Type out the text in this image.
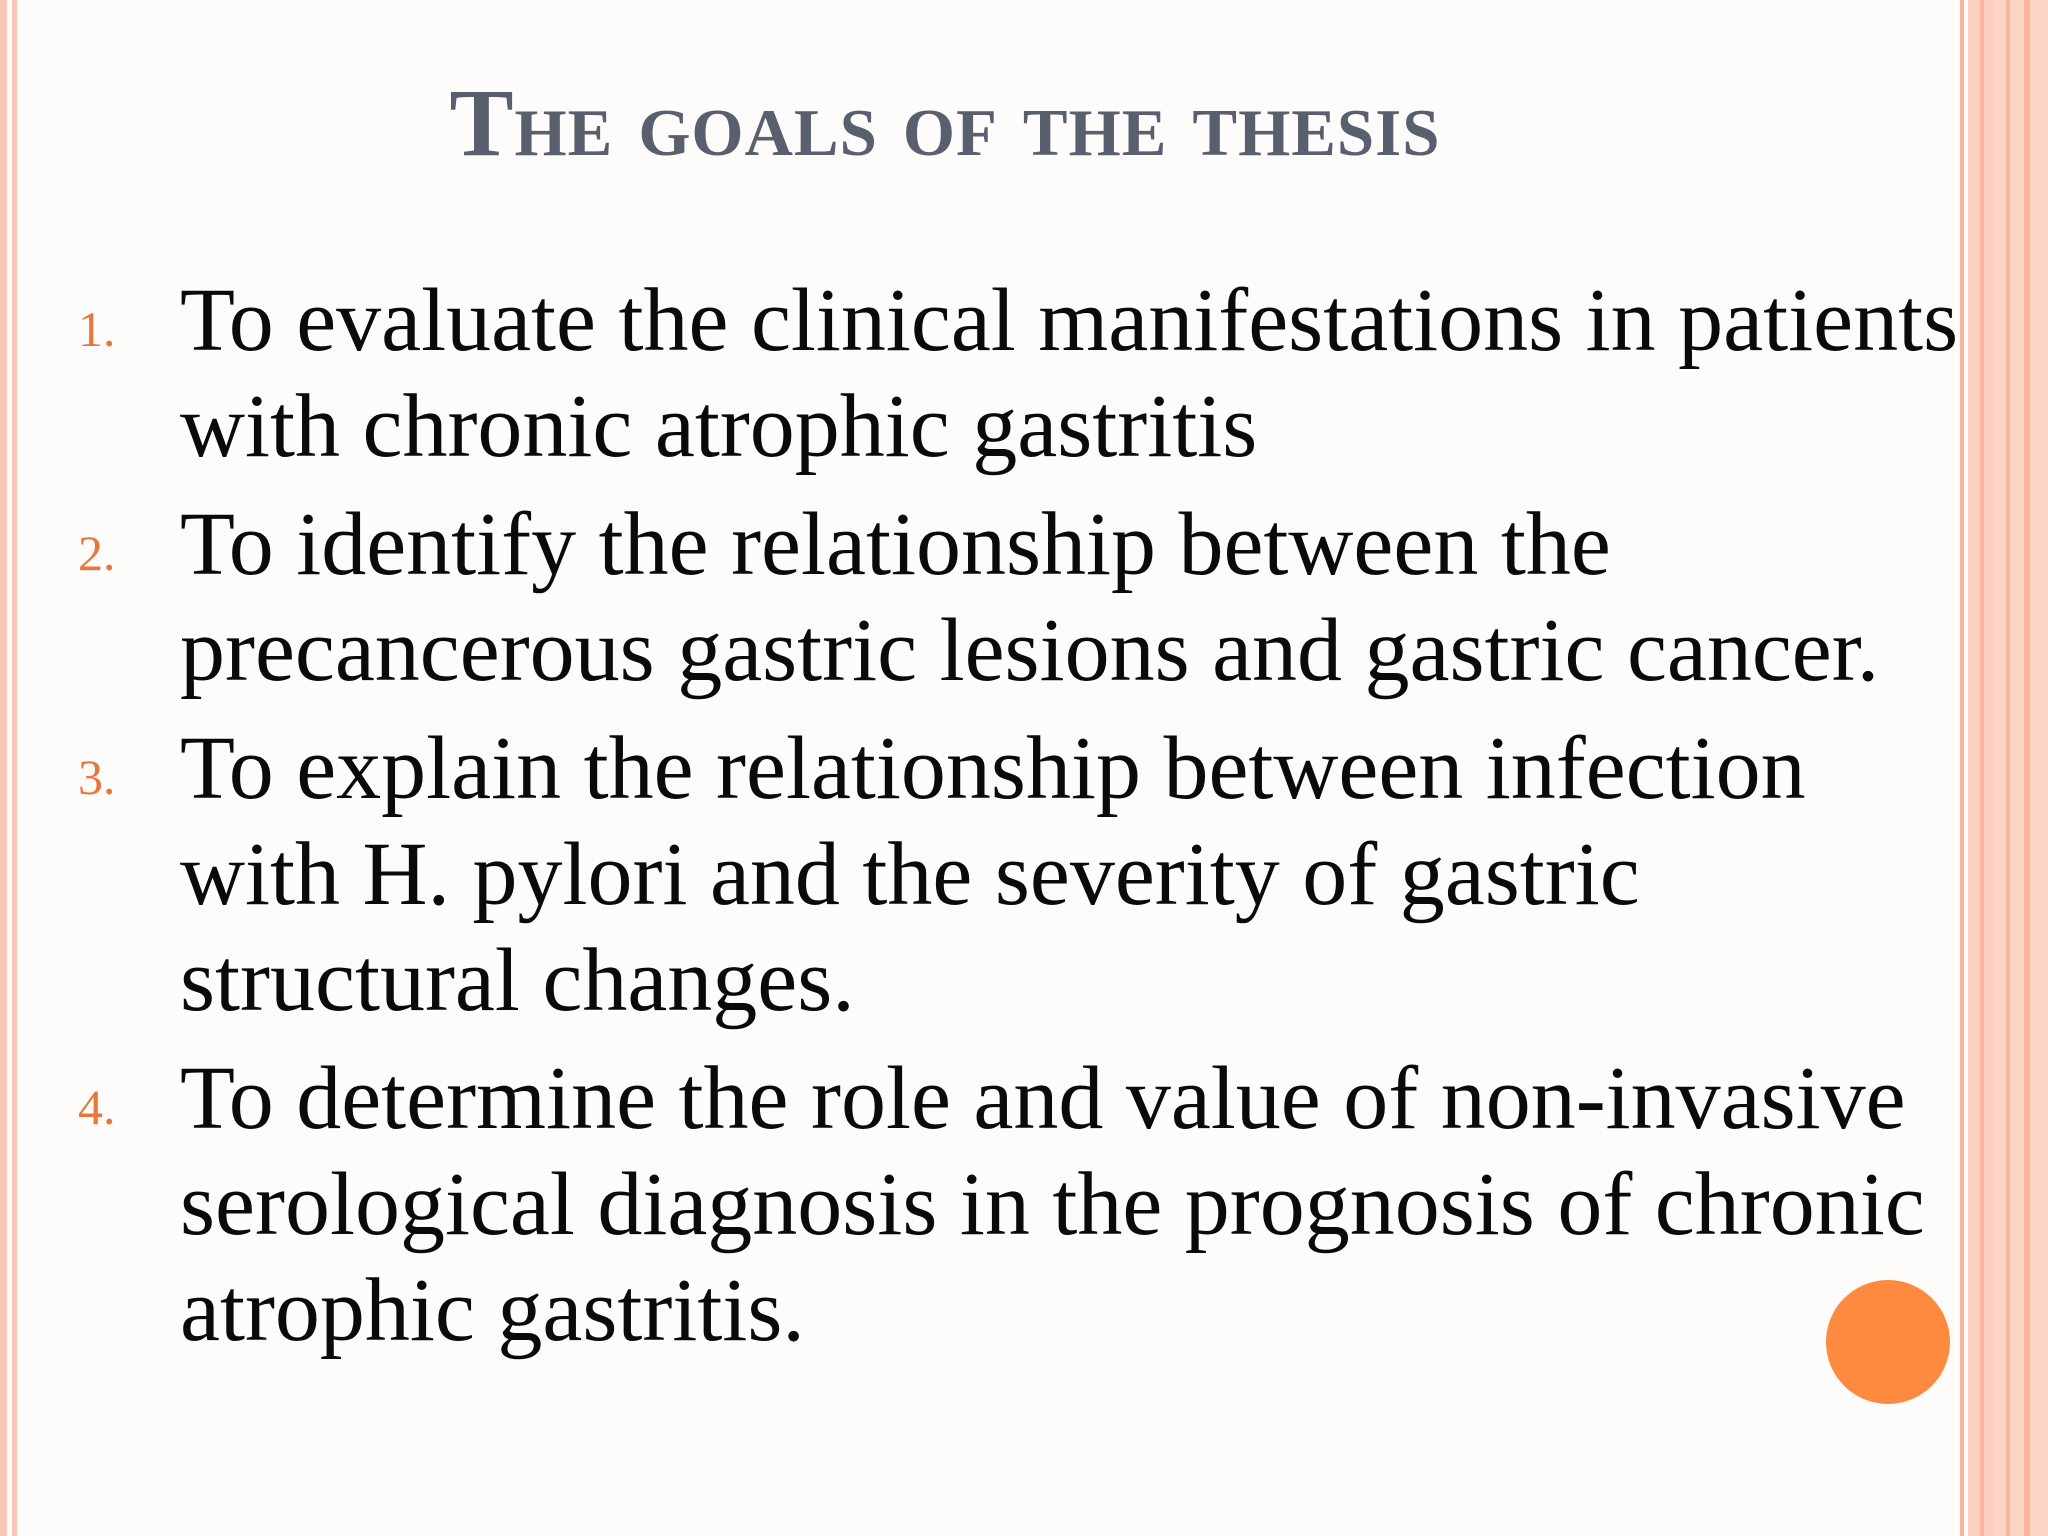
The goals of the thesis
1. To evaluate the clinical manifestations in patients with chronic atrophic gastritis
2. To identify the relationship between the precancerous gastric lesions and gastric cancer.
3. To explain the relationship between infection with H. pylori and the severity of gastric structural changes.
4. To determine the role and value of non-invasive serological diagnosis in the prognosis of chronic atrophic gastritis.
